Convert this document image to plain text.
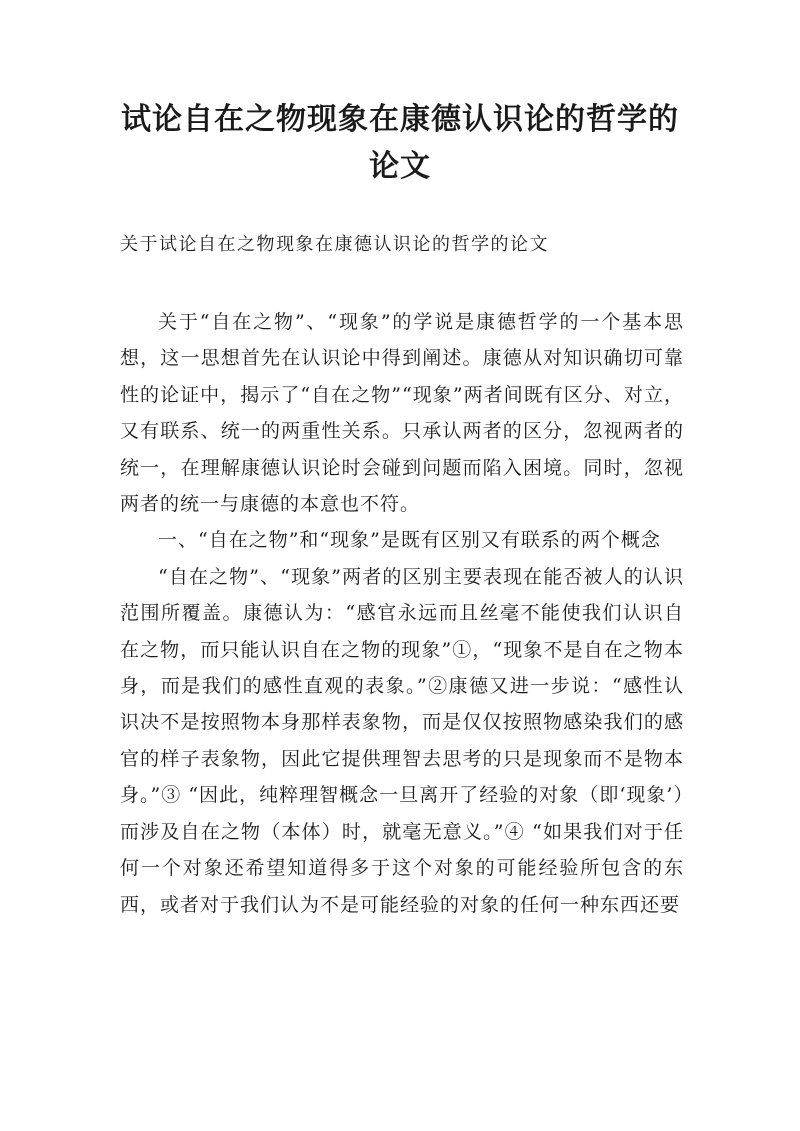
试论自在之物现象在康德认识论的哲学的论文

关于试论自在之物现象在康德认识论的哲学的论文

关于“自在之物”、“现象”的学说是康德哲学的一个基本思想，这一思想首先在认识论中得到阐述。康德从对知识确切可靠性的论证中，揭示了“自在之物”“现象”两者间既有区分、对立，又有联系、统一的两重性关系。只承认两者的区分，忽视两者的统一，在理解康德认识论时会碰到问题而陷入困境。同时，忽视两者的统一与康德的本意也不符。

一、“自在之物”和“现象”是既有区别又有联系的两个概念

“自在之物”、“现象”两者的区别主要表现在能否被人的认识范围所覆盖。康德认为：“感官永远而且丝毫不能使我们认识自在之物，而只能认识自在之物的现象”①，“现象不是自在之物本身，而是我们的感性直观的表象。”②康德又进一步说：“感性认识决不是按照物本身那样表象物，而是仅仅按照物感染我们的感官的样子表象物，因此它提供理智去思考的只是现象而不是物本身。”③ “因此，纯粹理智概念一旦离开了经验的对象（即‘现象’）而涉及自在之物（本体）时，就毫无意义。”④ “如果我们对于任何一个对象还希望知道得多于这个对象的可能经验所包含的东西，或者对于我们认为不是可能经验的对象的任何一种东西还要
